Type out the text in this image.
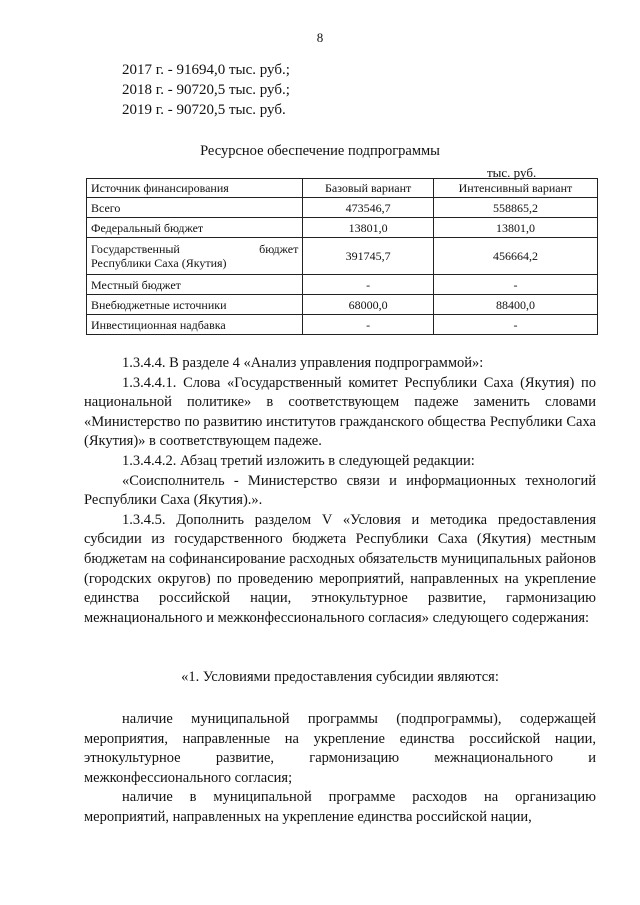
8
2017 г. - 91694,0 тыс. руб.;
2018 г. - 90720,5 тыс. руб.;
2019 г. - 90720,5 тыс. руб.
Ресурсное обеспечение подпрограммы
тыс. руб.
Источник финансирования	Базовый вариант	Интенсивный вариант
Всего	473546,7	558865,2
Федеральный бюджет	13801,0	13801,0

Государственный бюджет
Республики Саха (Якутия)	391745,7	456664,2
Местный бюджет	-	-
Внебюджетные источники	68000,0	88400,0
Инвестиционная надбавка	-	-

1.3.4.4. В разделе 4 «Анализ управления подпрограммой»:

1.3.4.4.1. Слова «Государственный комитет Республики Саха (Якутия) по национальной политике» в соответствующем падеже заменить словами «Министерство по развитию институтов гражданского общества Республики Саха (Якутия)» в соответствующем падеже.

1.3.4.4.2. Абзац третий изложить в следующей редакции:

«Соисполнитель - Министерство связи и информационных технологий Республики Саха (Якутия).».

1.3.4.5. Дополнить разделом V «Условия и методика предоставления субсидии из государственного бюджета Республики Саха (Якутия) местным бюджетам на софинансирование расходных обязательств муниципальных районов (городских округов) по проведению мероприятий, направленных на укрепление единства российской нации, этнокультурное развитие, гармонизацию межнационального и межконфессионального согласия» следующего содержания:

«1. Условиями предоставления субсидии являются:

наличие муниципальной программы (подпрограммы), содержащей мероприятия, направленные на укрепление единства российской нации, этнокультурное развитие, гармонизацию межнационального и межконфессионального согласия;

наличие в муниципальной программе расходов на организацию мероприятий, направленных на укрепление единства российской нации,
